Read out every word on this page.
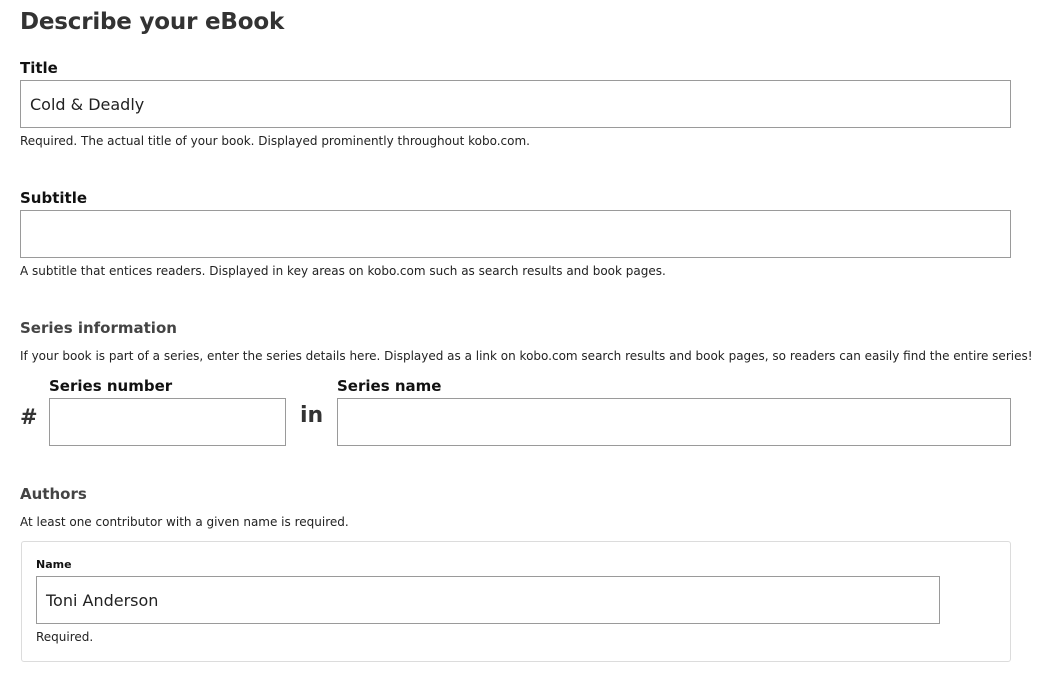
Describe your eBook
Title
Cold & Deadly
Required. The actual title of your book. Displayed prominently throughout kobo.com.
Subtitle
A subtitle that entices readers. Displayed in key areas on kobo.com such as search results and book pages.
Series information
If your book is part of a series, enter the series details here. Displayed as a link on kobo.com search results and book pages, so readers can easily find the entire series!
Series number	Series name
#	in
Authors
At least one contributor with a given name is required.
Name
Toni Anderson
Required.
